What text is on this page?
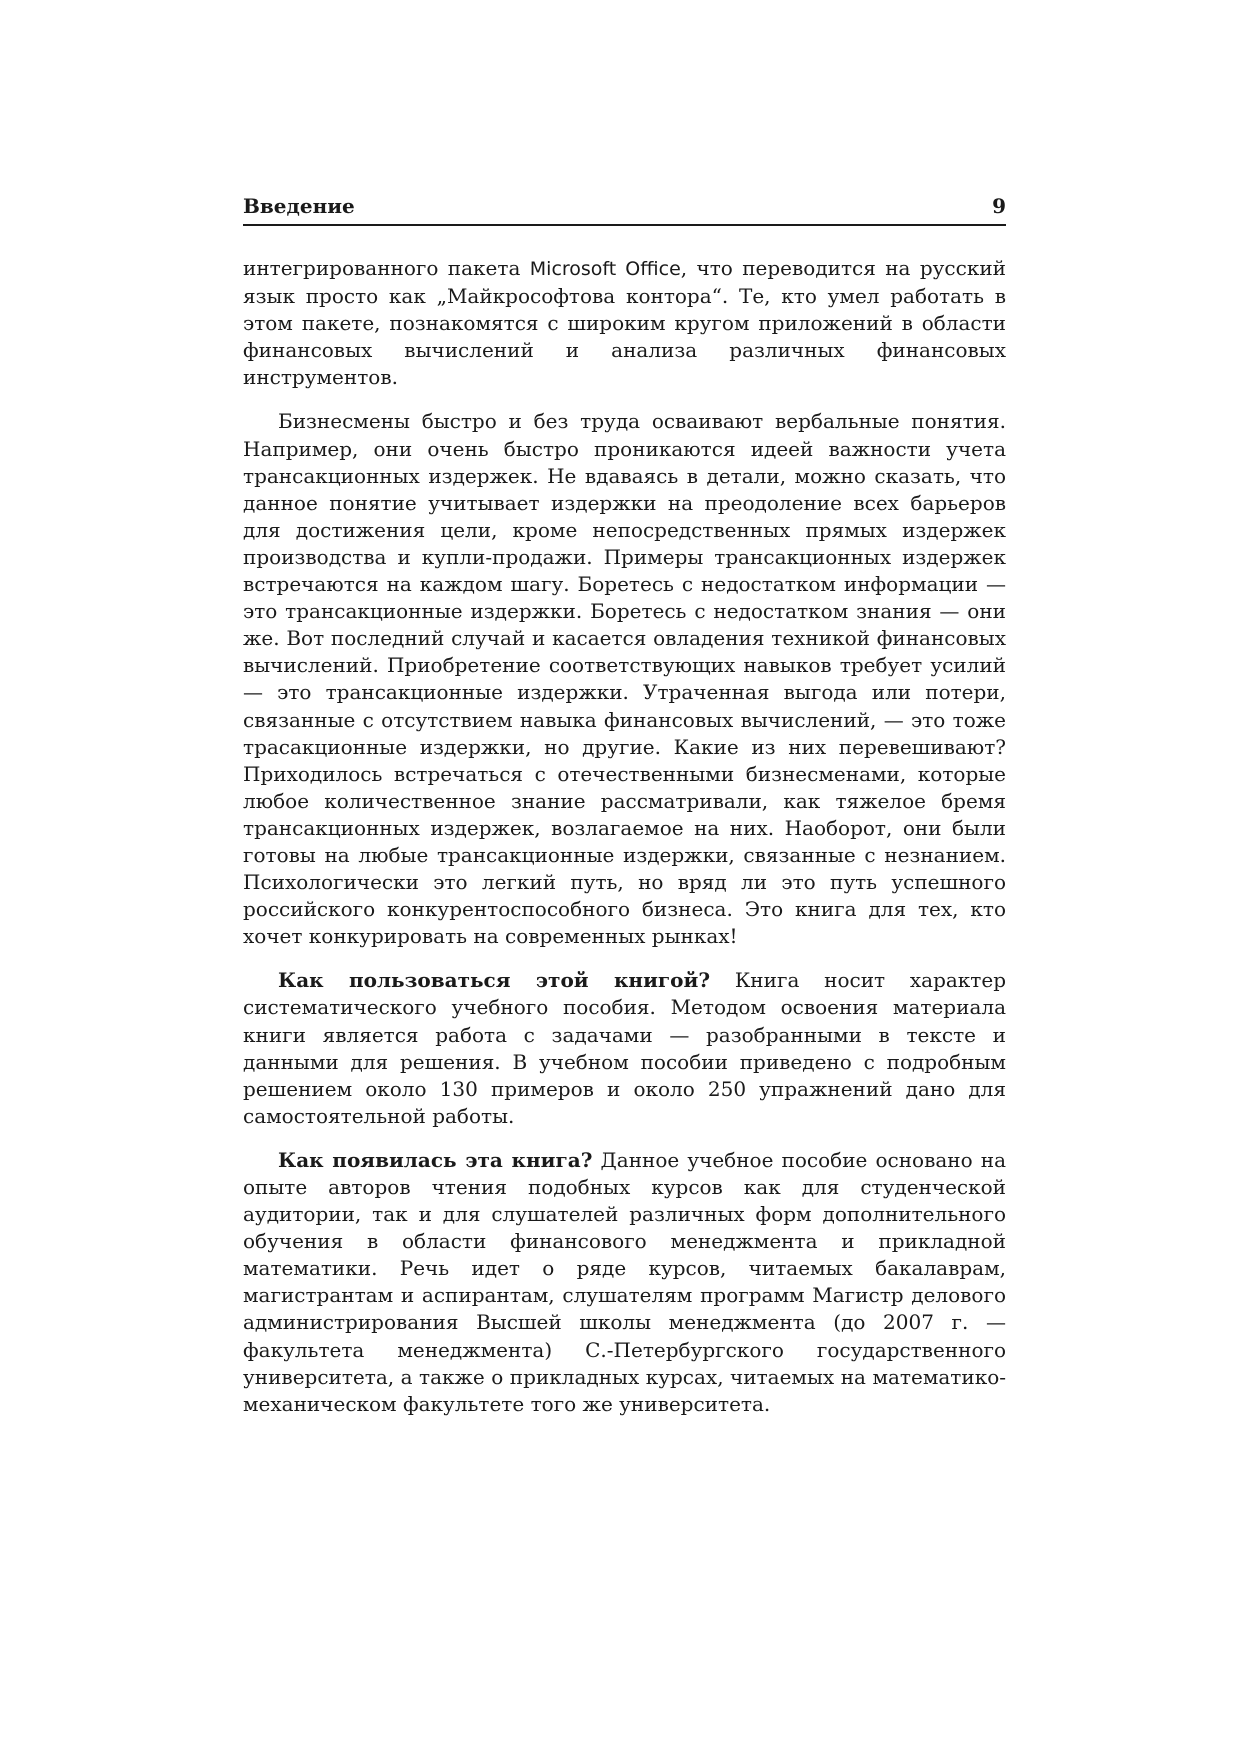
Введение	9

интегрированного пакета Microsoft Office, что переводится на русский язык просто как „Майкрософтова контора“. Те, кто умел работать в этом пакете, познакомятся с широким кругом приложений в области финансовых вычислений и анализа различных финансовых инструментов.

Бизнесмены быстро и без труда осваивают вербальные понятия. Например, они очень быстро проникаются идеей важности учета трансакционных издержек. Не вдаваясь в детали, можно сказать, что данное понятие учитывает издержки на преодоление всех барьеров для достижения цели, кроме непосредственных прямых издержек производства и купли-продажи. Примеры трансакционных издержек встречаются на каждом шагу. Боретесь с недостатком информации — это трансакционные издержки. Боретесь с недостатком знания — они же. Вот последний случай и касается овладения техникой финансовых вычислений. Приобретение соответствующих навыков требует усилий — это трансакционные издержки. Утраченная выгода или потери, связанные с отсутствием навыка финансовых вычислений, — это тоже трасакционные издержки, но другие. Какие из них перевешивают? Приходилось встречаться с отечественными бизнесменами, которые любое количественное знание рассматривали, как тяжелое бремя трансакционных издержек, возлагаемое на них. Наоборот, они были готовы на любые трансакционные издержки, связанные с незнанием. Психологически это легкий путь, но вряд ли это путь успешного российского конкурентоспособного бизнеса. Это книга для тех, кто хочет конкурировать на современных рынках!

Как пользоваться этой книгой? Книга носит характер систематического учебного пособия. Методом освоения материала книги является работа с задачами — разобранными в тексте и данными для решения. В учебном пособии приведено с подробным решением около 130 примеров и около 250 упражнений дано для самостоятельной работы.

Как появилась эта книга? Данное учебное пособие основано на опыте авторов чтения подобных курсов как для студенческой аудитории, так и для слушателей различных форм дополнительного обучения в области финансового менеджмента и прикладной математики. Речь идет о ряде курсов, читаемых бакалаврам, магистрантам и аспирантам, слушателям программ Магистр делового администрирования Высшей школы менеджмента (до 2007 г. — факультета менеджмента) С.-Петербургского государственного университета, а также о прикладных курсах, читаемых на математико-механическом факультете того же университета.
